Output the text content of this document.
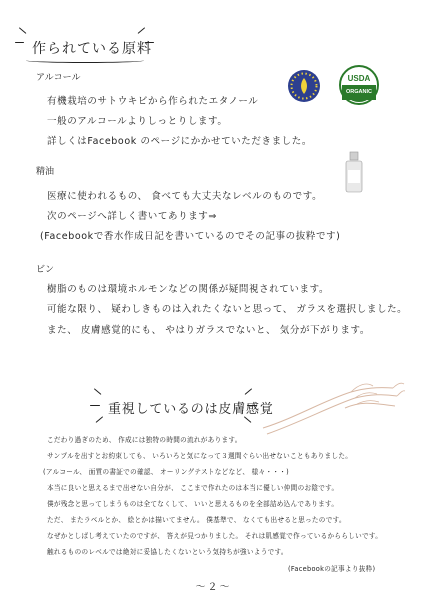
作られている原料
USDA
ORGANIC
アルコール
有機栽培のサトウキビから作られたエタノール
一般のアルコールよりしっとりします。
詳しくはFacebook のページにかかせていただきました。
精油
医療に使われるもの、 食べても大丈夫なレベルのものです。
次のページへ詳しく書いてあります⇒
(Facebookで香水作成日記を書いているのでその記事の抜粋です)
ビン
樹脂のものは環境ホルモンなどの関係が疑問視されています。
可能な限り、 疑わしきものは入れたくないと思って、 ガラスを選択しました。
また、 皮膚感覚的にも、 やはりガラスでないと、 気分が下がります。
重視しているのは皮膚感覚
こだわり過ぎのため、 作成には独特の時間の流れがあります。
サンプルを出すとお約束しても、 いろいろと気になって３週間ぐらい出せないこともありました。
(アルコール、 面質の書証での確認、 オーリングテストなどなど、 様々・・・)
本当に良いと思えるまで出せない自分が、 ここまで作れたのは本当に優しい仲間のお陰です。
僕が残念と思ってしまうものは全てなくして、 いいと思えるものを全部詰め込んであります。
ただ、 またラベルとか、 絵とかは描いてません。 僕基準で、 なくても出せると思ったのです。
なぜかとしばし考えていたのですが、 答えが見つかりました。 それは肌感覚で作っているかららしいです。
触れるもののレベルでは絶対に妥協したくないという気持ちが強いようです。
(Facebookの記事より抜粋)
～２～
